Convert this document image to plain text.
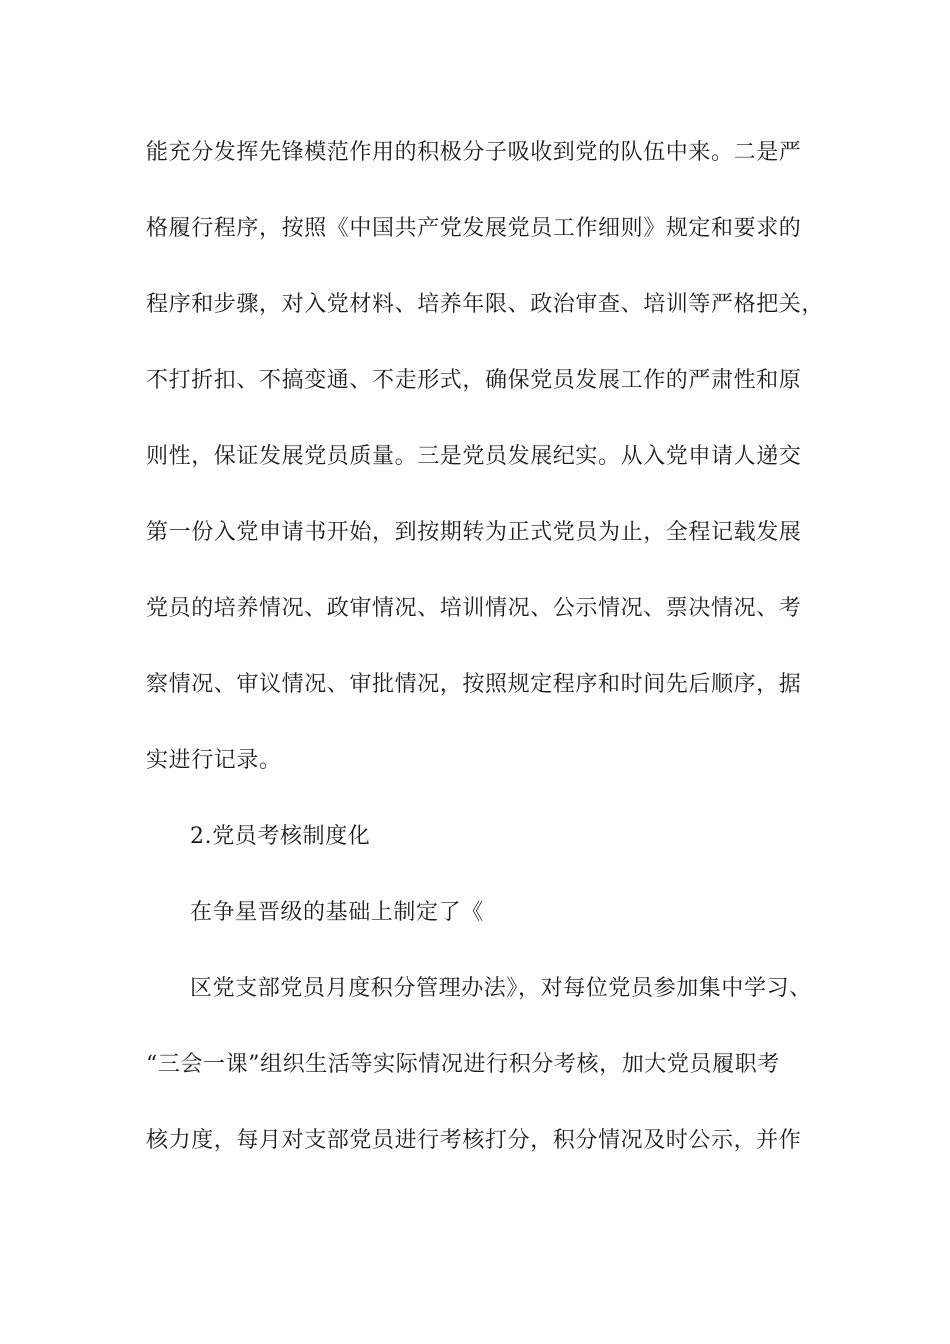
能充分发挥先锋模范作用的积极分子吸收到党的队伍中来。二是严
格履行程序，按照《中国共产党发展党员工作细则》规定和要求的
程序和步骤，对入党材料、培养年限、政治审查、培训等严格把关，
不打折扣、不搞变通、不走形式，确保党员发展工作的严肃性和原
则性，保证发展党员质量。三是党员发展纪实。从入党申请人递交
第一份入党申请书开始，到按期转为正式党员为止，全程记载发展
党员的培养情况、政审情况、培训情况、公示情况、票决情况、考
察情况、审议情况、审批情况，按照规定程序和时间先后顺序，据
实进行记录。
2.党员考核制度化
在争星晋级的基础上制定了《
区党支部党员月度积分管理办法》，对每位党员参加集中学习、
“三会一课”组织生活等实际情况进行积分考核，加大党员履职考
核力度，每月对支部党员进行考核打分，积分情况及时公示，并作
